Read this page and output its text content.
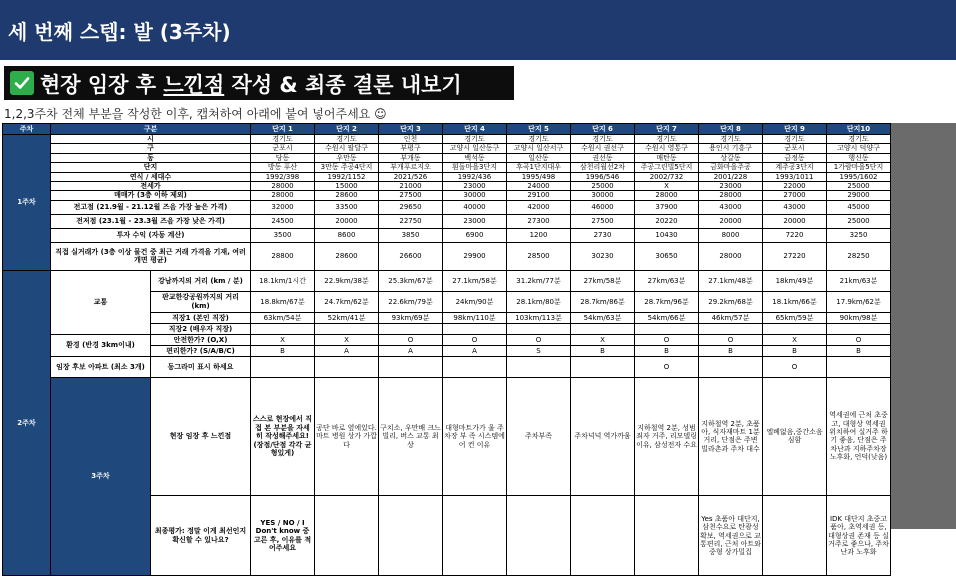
세 번째 스텝: 발 (3주차)
현장 임장 후 느낀점 작성 & 최종 결론 내보기
1,2,3주차 전체 부분을 작성한 이후, 캡쳐하여 아래에 붙여 넣어주세요 ☺
주차	구분		단지 1	단지 2	단지 3	단지 4	단지 5	단지 6	단지 7	단지 8	단지 9	단지10	
1주차	시		경기도	경기도	인천	경기도	경기도	경기도	경기도	경기도	경기도	경기도	
	구		군포시	수원시 팔달구	부평구	고양시 일산동구	고양시 일산서구	수원시 권선구	수원시 영통구	용인시 기흥구	군포시	고양시 덕양구	
	동		당동	우만동	부개동	백석동	일산동	권선동	매탄동	상갈동	금정동	행신동	
	단지		방동 푸산	3만동 주공4단지	부개푸르지오	흰돌마을3단지	후곡1단지대우	삼천리월선2차	주공그린빌5단지	금화마을주공	계주공3단지	1가람마을5단지	
	연식 / 세대수		1992/398	1992/1152	2021/526	1992/436	1995/498	1996/546	2002/732	2001/228	1993/1011	1995/1602	
	전세가		28000	15000	21000	23000	24000	25000	X	23000	22000	25000	
	매매가 (3층 이하 제외)		28000	28600	27500	30000	29100	30000	28000	28000	27000	29000	
	전고점 (21.9월 - 21.12월 즈음 가장 높은 가격)		32000	33500	29650	40000	42000	46000	37900	43000	43000	45000	
	전저점 (23.1월 - 23.3월 즈음 가장 낮은 가격)		24500	20000	22750	23000	27300	27500	20220	20000	20000	25000	
	투자 수익 (자동 계산)		3500	8600	3850	6900	1200	2730	10430	8000	7220	3250	
	직접 실거래가 (3층 이상 물건 중 최근 거래 가격을 기재, 여러 개면 평균)		28800	28600	26600	29900	28500	30230	30650	28000	27220	28250	
2주차	교통	강남까지의 거리 (km / 분)	18.1km/1시간	22.9km/38분	25.3km/67분	27.1km/58분	31.2km/77분	27km/58분	27km/63분	27.1km/48분	18km/49분	21km/63분	
		판교한강공원까지의 거리 (km)	18.8km/67분	24.7km/62분	22.6km/79분	24km/90분	28.1km/80분	28.7km/86분	28.7km/96분	29.2km/68분	18.1km/66분	17.9km/62분	
		직장1 (본인 직장)	63km/54분	52km/41분	93km/69분	98km/110분	103km/113분	54km/63분	54km/66분	46km/57분	65km/59분	90km/98분	
		직장2 (배우자 직장)											
	환경 (반경 3km이내)	안전한가? (O,X)	X	X	O	O	O	X	O	O	X	O	
		편리한가? (S/A/B/C)	B	A	A	A	S	B	B	B	B	B	
	임장 후보 아파트 (최소 3개)	동그라미 표시 하세요							O		O		
	3주차	현장 임장 후 느낀점	스스로 현장에서 직접 본 부분을 자세히 작성해주세요! (장점/단점 각각 균형있게)	공단 바로 옆에있다. 마트 병원 상가 가깝다	구치소, 우만배 크느빌리, 버스 교통 최상	대형마트가가 울 주차장 부 족 시스템에어 컨 이유	주차부족	주차넉넉 역가까움	지하철역 2분, 성범죄자 거주, 리모델링 이유, 삼성전자 수요	지하철역 2분, 초품아, 식자재마트 1분거리, 단점은 주변 빌라촌과 주차 대수	엘베없음,중간소음 심함	역세권에 근처 초중고, 대형상 역세권 위치하여 실거주 하기 좋음, 단점은 주차난과 지하주차장 노후화, 언덕(낮음)	
		최종평가: 정말 이게 최선인지 확신할 수 있나요?	YES / NO / I Don't know 중 고른 후, 이유를 적어주세요							Yes 초품아 대단지, 삼천수요로 탄광성 확보, 역세권으로 교통편리, 근처 아트와 중형 상가밀집		IDK 대단지 초중고 품아, 초역세권 등, 대형상권 존재 등 실거주로 좋으나, 주차난과 노후화	
